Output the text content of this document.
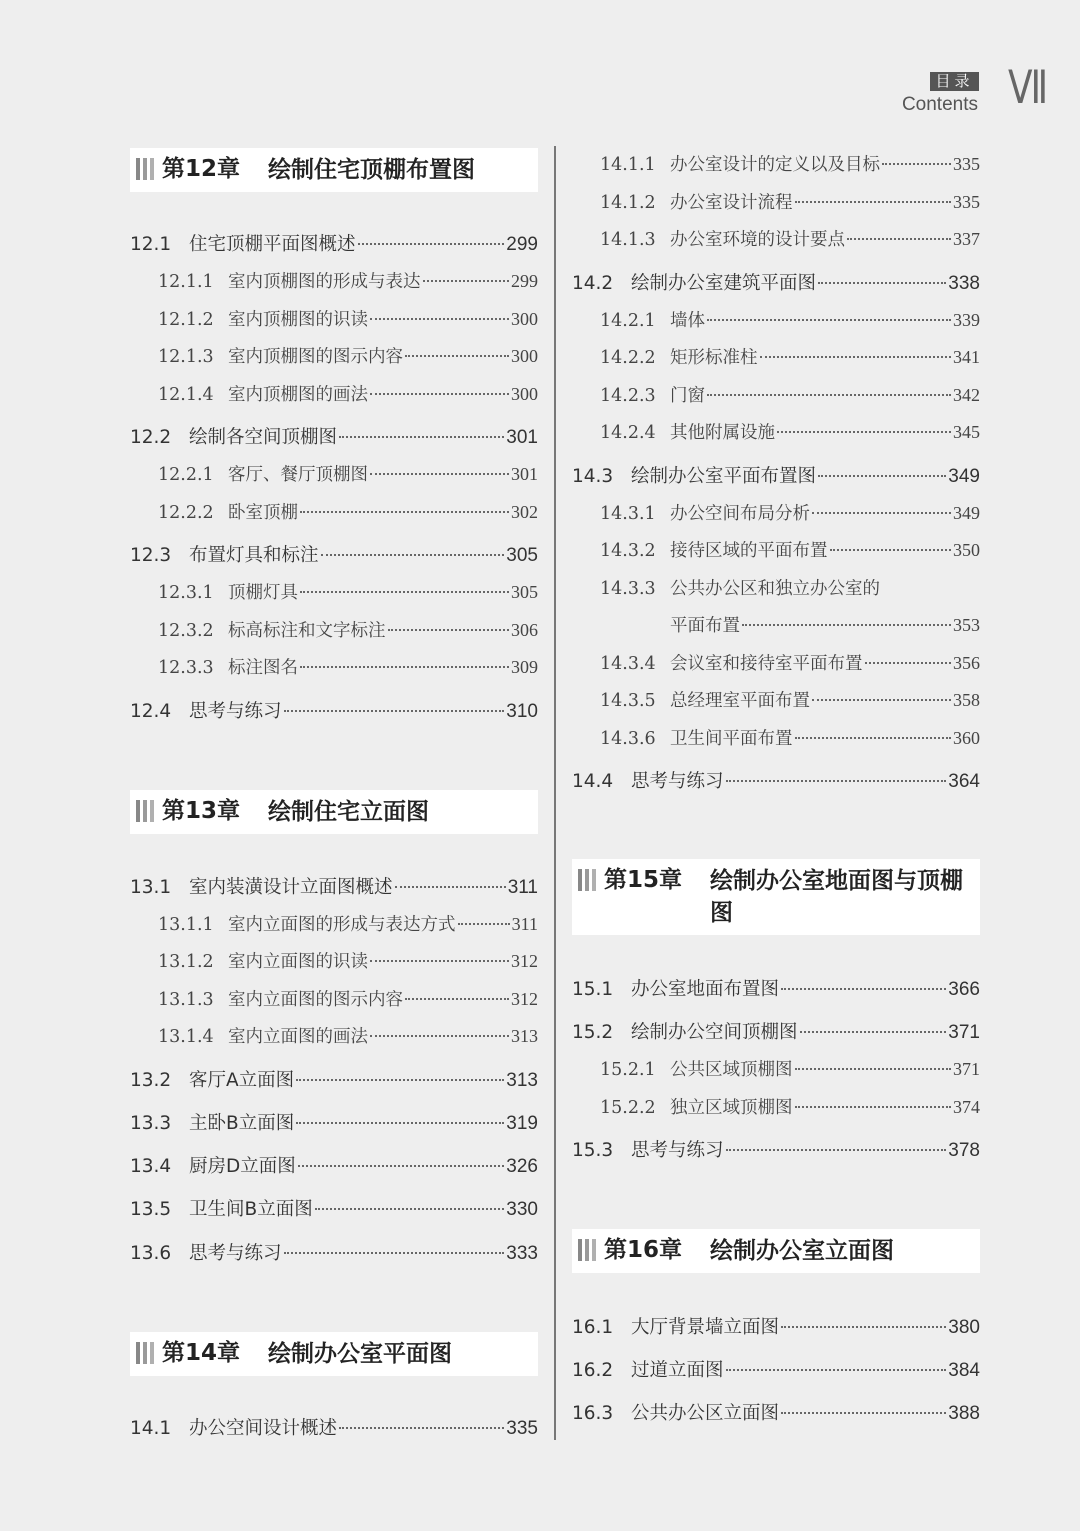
目录
Contents Ⅶ
第12章	绘制住宅顶棚布置图
12.1 住宅顶棚平面图概述	299
12.1.1 室内顶棚图的形成与表达	299
12.1.2 室内顶棚图的识读	300
12.1.3 室内顶棚图的图示内容	300
12.1.4 室内顶棚图的画法	300
12.2 绘制各空间顶棚图	301
12.2.1 客厅、餐厅顶棚图	301
12.2.2 卧室顶棚	302
12.3 布置灯具和标注	305
12.3.1 顶棚灯具	305
12.3.2 标高标注和文字标注	306
12.3.3 标注图名	309
12.4 思考与练习	310
第13章	绘制住宅立面图
13.1 室内装潢设计立面图概述	311
13.1.1 室内立面图的形成与表达方式	311
13.1.2 室内立面图的识读	312
13.1.3 室内立面图的图示内容	312
13.1.4 室内立面图的画法	313
13.2 客厅A立面图	313
13.3 主卧B立面图	319
13.4 厨房D立面图	326
13.5 卫生间B立面图	330
13.6 思考与练习	333
第14章	绘制办公室平面图
14.1 办公空间设计概述	335
14.1.1 办公室设计的定义以及目标	335
14.1.2 办公室设计流程	335
14.1.3 办公室环境的设计要点	337
14.2 绘制办公室建筑平面图	338
14.2.1 墙体	339
14.2.2 矩形标准柱	341
14.2.3 门窗	342
14.2.4 其他附属设施	345
14.3 绘制办公室平面布置图	349
14.3.1 办公空间布局分析	349
14.3.2 接待区域的平面布置	350
14.3.3 公共办公区和独立办公室的
平面布置	353
14.3.4 会议室和接待室平面布置	356
14.3.5 总经理室平面布置	358
14.3.6 卫生间平面布置	360
14.4 思考与练习	364
第15章	绘制办公室地面图与顶棚图
15.1 办公室地面布置图	366
15.2 绘制办公空间顶棚图	371
15.2.1 公共区域顶棚图	371
15.2.2 独立区域顶棚图	374
15.3 思考与练习	378
第16章	绘制办公室立面图
16.1 大厅背景墙立面图	380
16.2 过道立面图	384
16.3 公共办公区立面图	388
